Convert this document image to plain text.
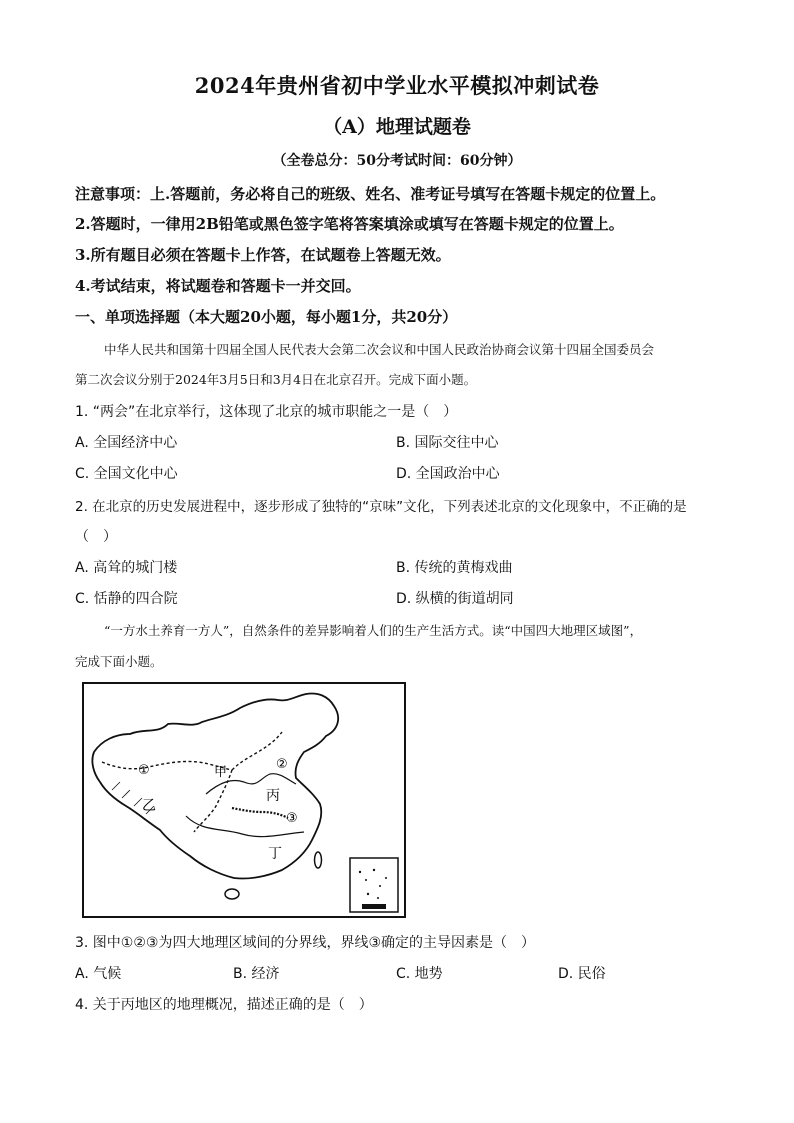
2024年贵州省初中学业水平模拟冲刺试卷
（A）地理试题卷
（全卷总分：50分考试时间：60分钟）
注意事项：上.答题前，务必将自己的班级、姓名、准考证号填写在答题卡规定的位置上。
2.答题时，一律用2B铅笔或黑色签字笔将答案填涂或填写在答题卡规定的位置上。
3.所有题目必须在答题卡上作答，在试题卷上答题无效。
4.考试结束，将试题卷和答题卡一并交回。
一、单项选择题（本大题20小题，每小题1分，共20分）
中华人民共和国第十四届全国人民代表大会第二次会议和中国人民政治协商会议第十四届全国委员会
第二次会议分别于2024年3月5日和3月4日在北京召开。完成下面小题。
1. “两会”在北京举行，这体现了北京的城市职能之一是（　）
A. 全国经济中心	B. 国际交往中心
C. 全国文化中心	D. 全国政治中心
2. 在北京的历史发展进程中，逐步形成了独特的“京味”文化，下列表述北京的文化现象中，不正确的是
（　）
A. 高耸的城门楼	B. 传统的黄梅戏曲
C. 恬静的四合院	D. 纵横的街道胡同
“一方水土养育一方人”，自然条件的差异影响着人们的生产生活方式。读“中国四大地理区域图”，
完成下面小题。
甲
乙
丙
丁
①	②
③
3. 图中①②③为四大地理区域间的分界线，界线③确定的主导因素是（　）
A. 气候	B. 经济	C. 地势	D. 民俗
4. 关于丙地区的地理概况，描述正确的是（　）
